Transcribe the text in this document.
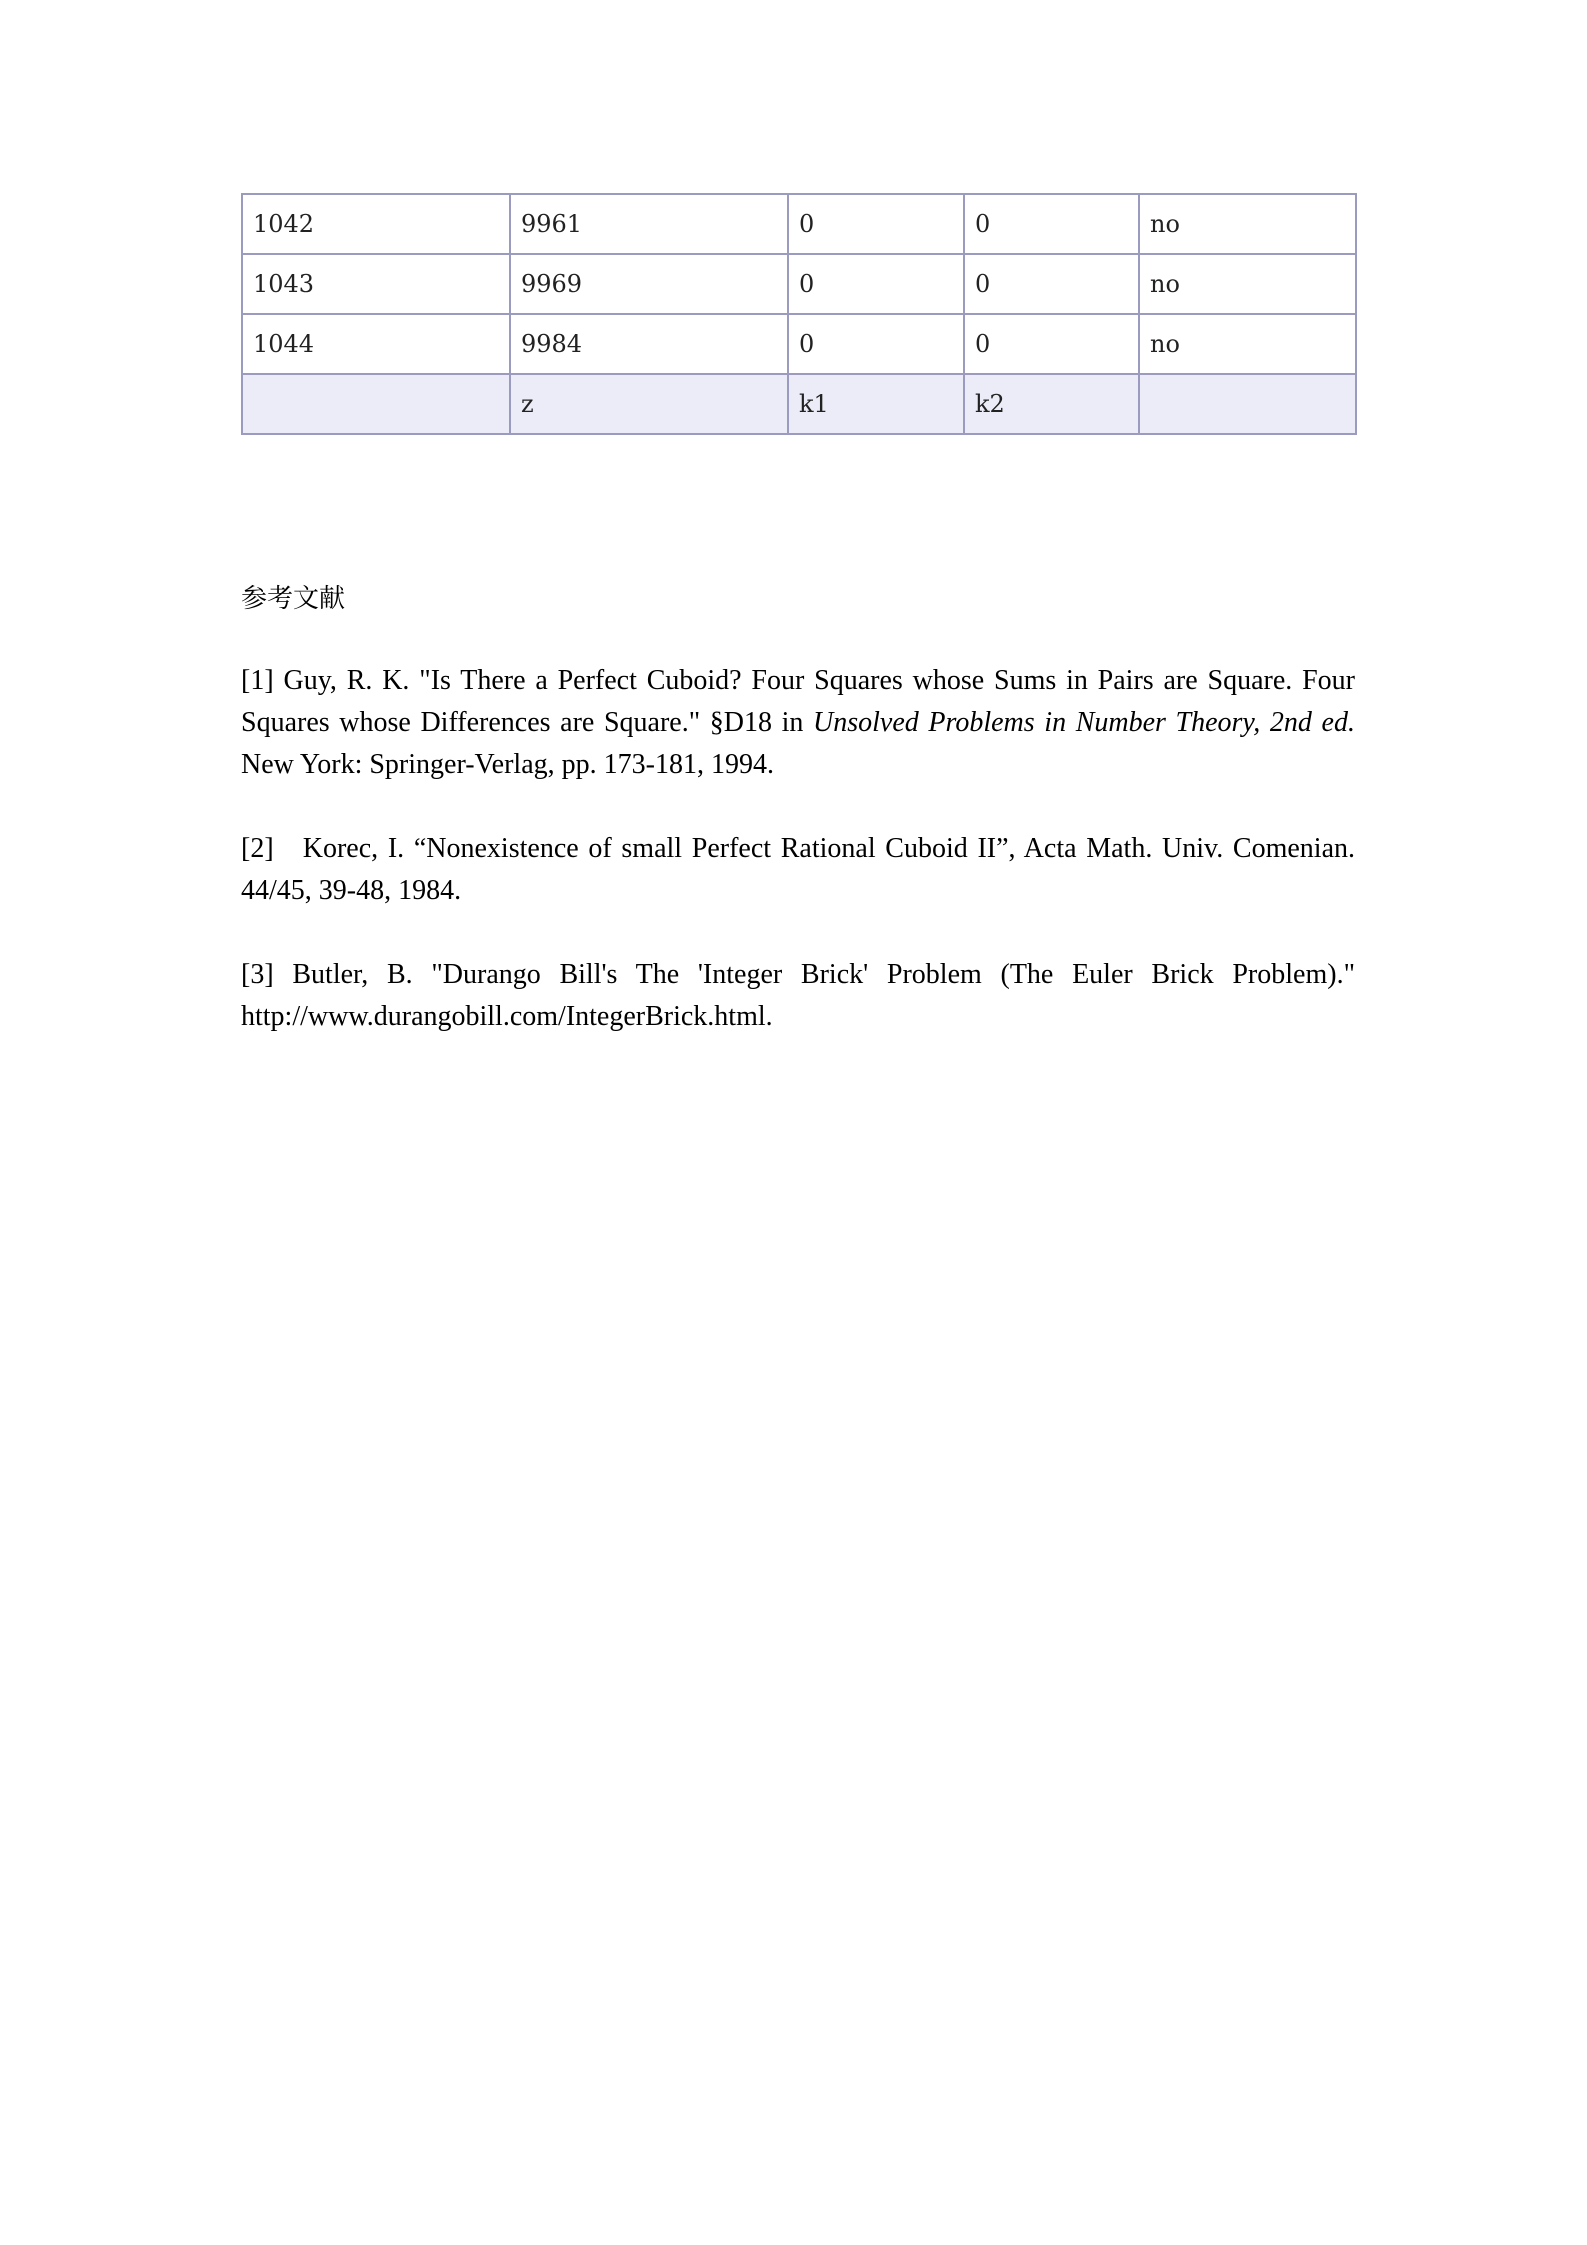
1042	9961	0	0	no
1043	9969	0	0	no
1044	9984	0	0	no
	z	k1	k2	
参考文献

[1] Guy, R. K. "Is There a Perfect Cuboid? Four Squares whose Sums in Pairs are Square. Four Squares whose Differences are Square." §D18 in Unsolved Problems in Number Theory, 2nd ed. New York: Springer-Verlag, pp. 173-181, 1994.

[2]   Korec, I. “Nonexistence of small Perfect Rational Cuboid II”, Acta Math. Univ. Comenian. 44/45, 39-48, 1984.

[3] Butler, B. "Durango Bill's The 'Integer Brick' Problem (The Euler Brick Problem)." http://www.durangobill.com/IntegerBrick.html.
